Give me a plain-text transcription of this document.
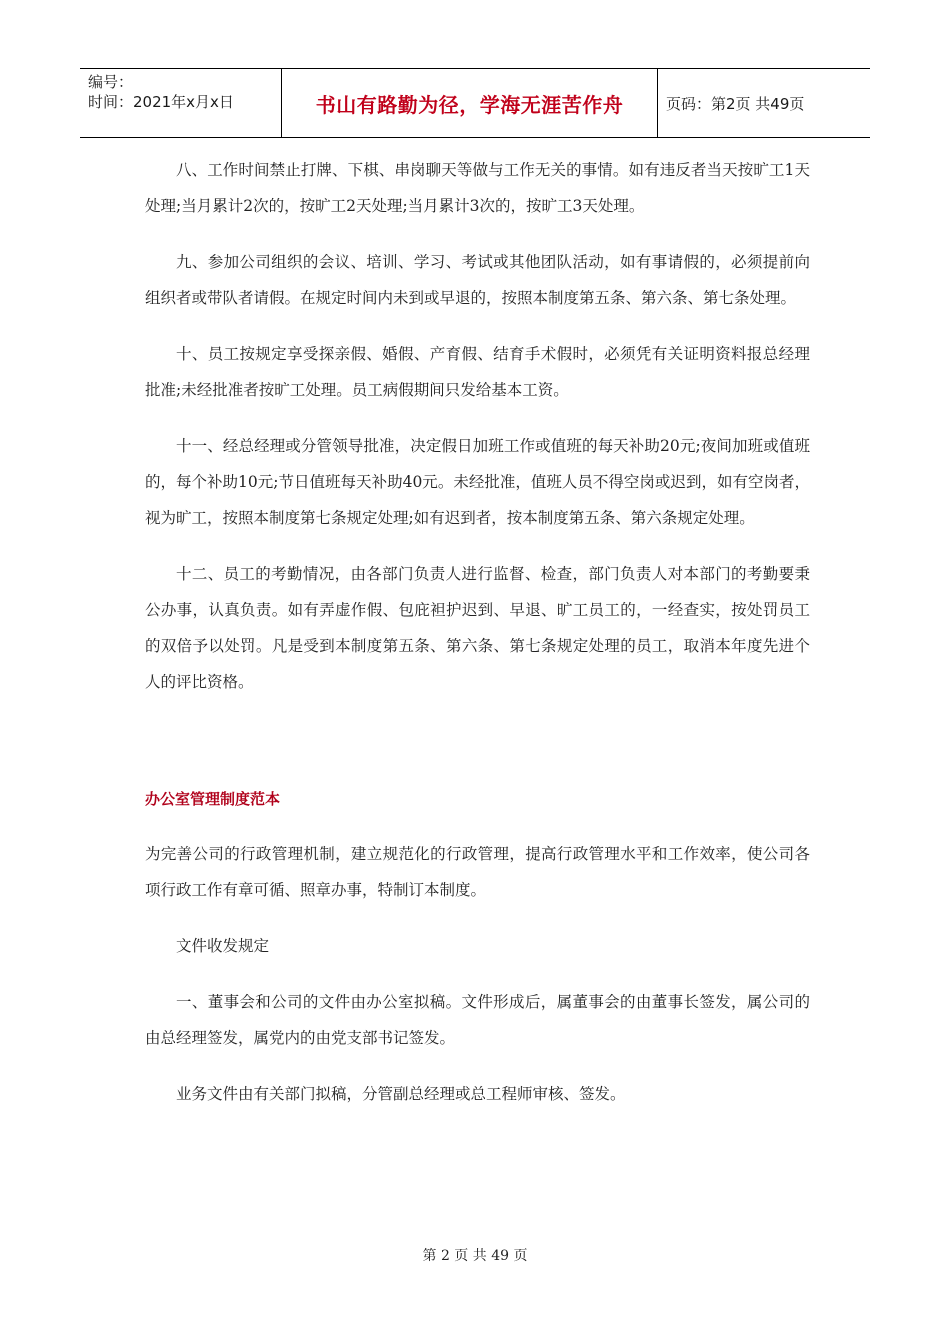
编号：
时间：2021年x月x日	书山有路勤为径，学海无涯苦作舟	页码：第2页 共49页

八、工作时间禁止打牌、下棋、串岗聊天等做与工作无关的事情。如有违反者当天按旷工1天处理;当月累计2次的，按旷工2天处理;当月累计3次的，按旷工3天处理。

九、参加公司组织的会议、培训、学习、考试或其他团队活动，如有事请假的，必须提前向组织者或带队者请假。在规定时间内未到或早退的，按照本制度第五条、第六条、第七条处理。

十、员工按规定享受探亲假、婚假、产育假、结育手术假时，必须凭有关证明资料报总经理批准;未经批准者按旷工处理。员工病假期间只发给基本工资。

十一、经总经理或分管领导批准，决定假日加班工作或值班的每天补助20元;夜间加班或值班的，每个补助10元;节日值班每天补助40元。未经批准，值班人员不得空岗或迟到，如有空岗者，视为旷工，按照本制度第七条规定处理;如有迟到者，按本制度第五条、第六条规定处理。

十二、员工的考勤情况，由各部门负责人进行监督、检查，部门负责人对本部门的考勤要秉公办事，认真负责。如有弄虚作假、包庇袒护迟到、早退、旷工员工的，一经查实，按处罚员工的双倍予以处罚。凡是受到本制度第五条、第六条、第七条规定处理的员工，取消本年度先进个人的评比资格。

办公室管理制度范本

为完善公司的行政管理机制，建立规范化的行政管理，提高行政管理水平和工作效率，使公司各项行政工作有章可循、照章办事，特制订本制度。

文件收发规定

一、董事会和公司的文件由办公室拟稿。文件形成后，属董事会的由董事长签发，属公司的由总经理签发，属党内的由党支部书记签发。

业务文件由有关部门拟稿，分管副总经理或总工程师审核、签发。

第 2 页 共 49 页
